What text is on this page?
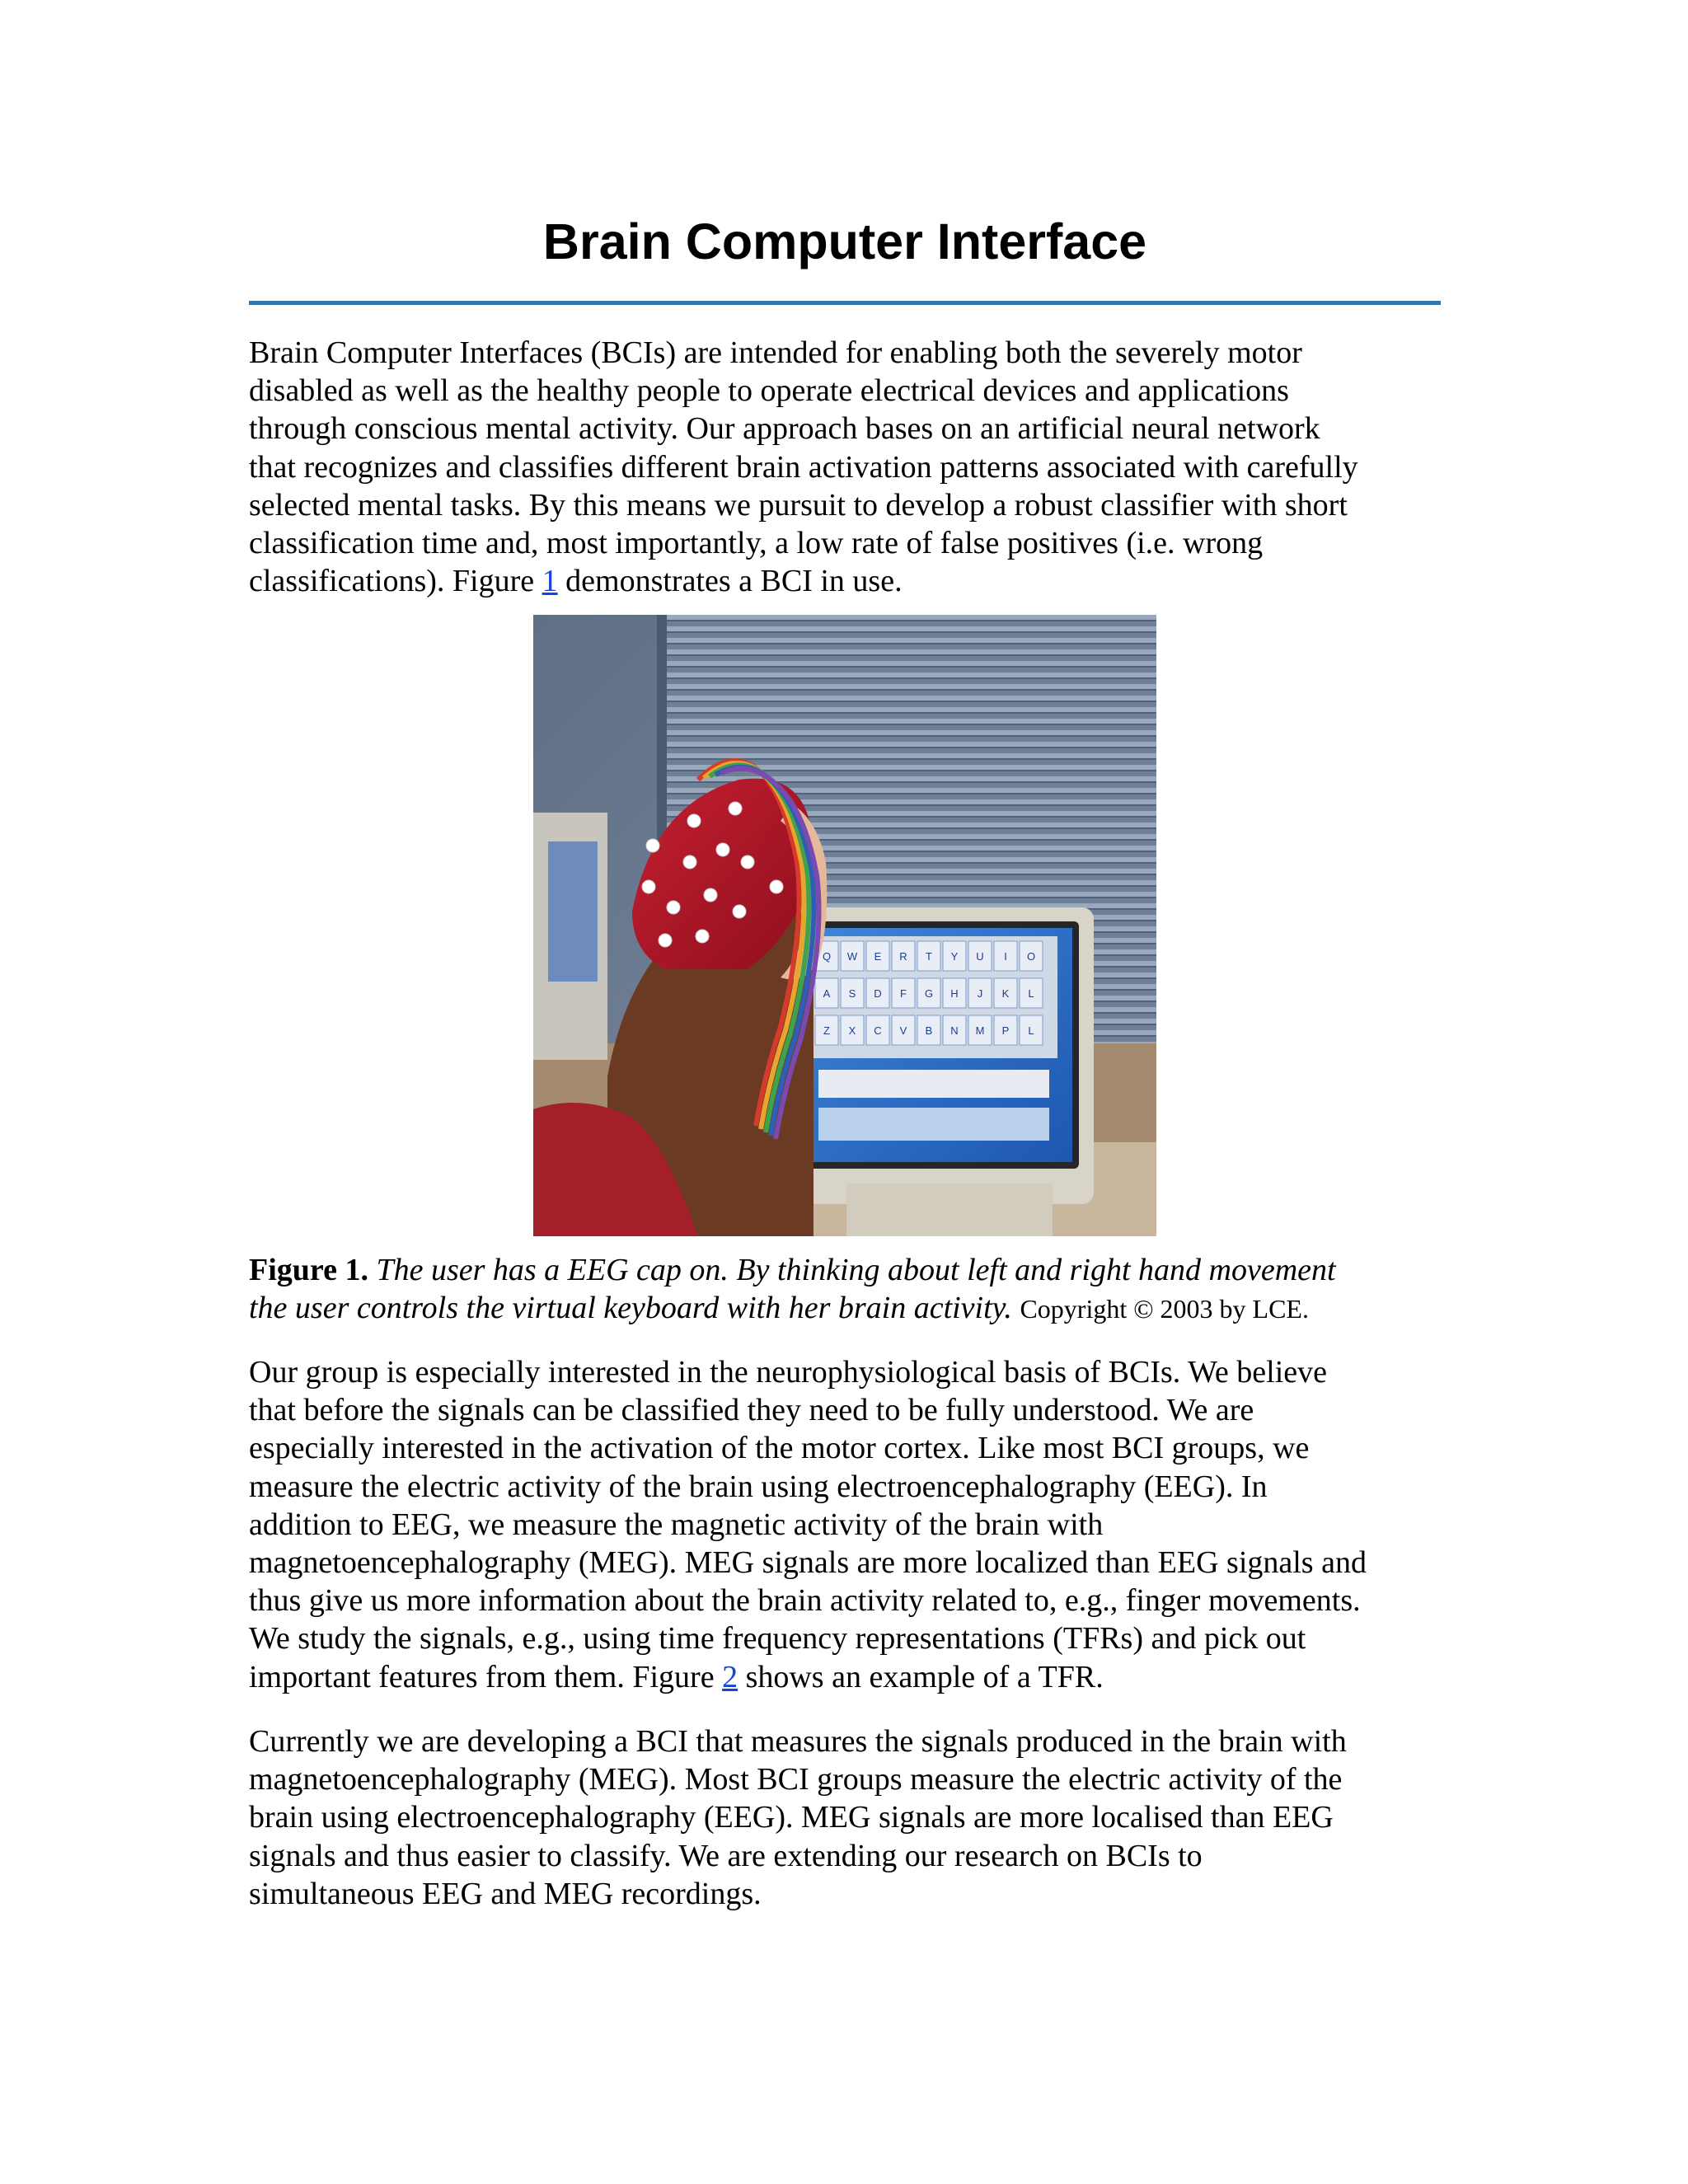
Brain Computer Interface

Brain Computer Interfaces (BCIs) are intended for enabling both the severely motor
disabled as well as the healthy people to operate electrical devices and applications
through conscious mental activity. Our approach bases on an artificial neural network
that recognizes and classifies different brain activation patterns associated with carefully
selected mental tasks. By this means we pursuit to develop a robust classifier with short
classification time and, most importantly, a low rate of false positives (i.e. wrong
classifications). Figure 1 demonstrates a BCI in use.

Q W E R T Y U I O
A S D F G H J K L
Z X C V B N M P L

Figure 1. The user has a EEG cap on. By thinking about left and right hand movement
the user controls the virtual keyboard with her brain activity. Copyright © 2003 by LCE.

Our group is especially interested in the neurophysiological basis of BCIs. We believe
that before the signals can be classified they need to be fully understood. We are
especially interested in the activation of the motor cortex. Like most BCI groups, we
measure the electric activity of the brain using electroencephalography (EEG). In
addition to EEG, we measure the magnetic activity of the brain with
magnetoencephalography (MEG). MEG signals are more localized than EEG signals and
thus give us more information about the brain activity related to, e.g., finger movements.
We study the signals, e.g., using time frequency representations (TFRs) and pick out
important features from them. Figure 2 shows an example of a TFR.

Currently we are developing a BCI that measures the signals produced in the brain with
magnetoencephalography (MEG). Most BCI groups measure the electric activity of the
brain using electroencephalography (EEG). MEG signals are more localised than EEG
signals and thus easier to classify. We are extending our research on BCIs to
simultaneous EEG and MEG recordings.
